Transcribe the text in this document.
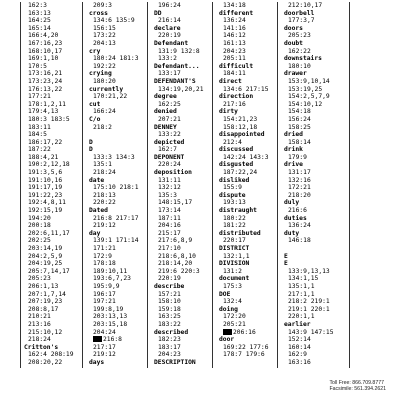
162:3
163:13
164:25
165:14
166:4,20
167:16,23
168:10,17
169:1,10
170:5
173:16,21
173:23,24
176:13,22
177:21
178:1,2,11
179:4,13
180:3 183:5
183:11
184:5
186:17,22
187:22
188:4,21
190:2,12,18
191:3,5,6
191:10,16
191:17,19
191:22,23
192:4,8,11
192:15,19
194:20
200:18
202:6,11,17
202:25
203:14,19
204:2,5,9
204:19,25
205:7,14,17
205:23
206:1,13
207:1,7,14
207:19,23
208:8,17
210:21
213:16
215:10,12
218:24
Critton's
162:4 208:19
208:20,22
209:3
cross
134:6 135:9
156:15
173:22
204:13
cry
180:24 181:3
192:22
crying
180:20
currently
170:21,22
cut
166:24
C/o
218:2
D
D
133:3 134:3
135:1
218:24
date
175:10 218:1
218:13
220:22
Dated
216:8 217:17
219:12
day
139:1 171:14
171:21
172:9
178:18
189:10,11
193:6,7,23
195:9,9
196:17
197:21
199:8,19
203:13,13
203:15,18
204:24
216:8
217:17
219:12
days
196:24
DD
216:14
declare
220:19
Defendant
131:9 132:8
133:2
Defendant...
133:17
DEFENDANT'S
134:19,20,21
degree
162:25
denied
207:21
DENNEY
133:22
depicted
162:7
DEPONENT
220:24
deposition
131:11
132:12
135:3
148:15,17
173:14
187:11
204:16
215:17
217:6,8,9
217:10
218:6,8,10
218:14,20
219:6 220:3
220:19
describe
157:21
158:10
159:18
163:25
183:22
described
182:23
183:17
204:23
DESCRIPTION
134:18
different
136:24
141:16
146:12
161:13
204:23
205:11
difficult
184:11
direct
134:6 217:15
direction
217:16
dirty
154:21,23
158:12,18
disappointed
212:4
discussed
142:24 143:3
disgusted
187:22,24
disliked
155:9
dispute
193:13
distraught
180:22
181:22
distributed
220:17
DISTRICT
132:1,1
DIVISION
131:2
document
175:3
DOE
132:4
doing
172:20
205:21
206:16
door
169:22 177:6
178:7 179:6
212:10,17
doorbell
177:3,7
doors
205:23
doubt
162:22
downstairs
180:10
drawer
153:9,10,14
153:19,25
154:2,5,7,9
154:10,12
154:18
156:24
158:25
dried
158:14
drink
179:9
drive
131:17
132:16
172:21
218:20
duly
216:6
duties
136:24
duty
146:18
E
E
133:9,13,13
134:1,15
135:1,1
217:1,1
218:2 219:1
219:1 220:1
220:1,1
earlier
143:9 147:15
152:14
160:14
162:9
163:16
Toll Free: 866.709.8777
Facsimile: 561.394.2621
